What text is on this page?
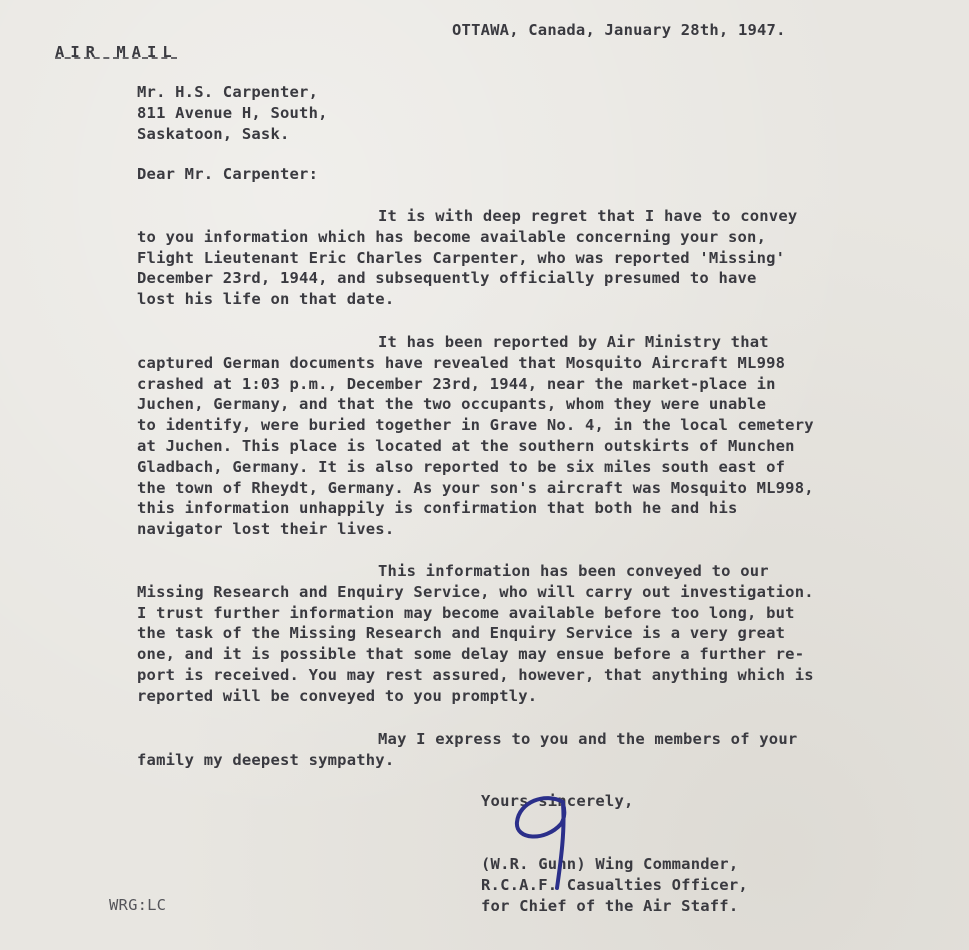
OTTAWA, Canada, January 28th, 1947.
AIR MAIL
Mr. H.S. Carpenter,
811 Avenue H, South,
Saskatoon, Sask.
Dear Mr. Carpenter:
It is with deep regret that I have to convey
to you information which has become available concerning your son,
Flight Lieutenant Eric Charles Carpenter, who was reported 'Missing'
December 23rd, 1944, and subsequently officially presumed to have
lost his life on that date.
It has been reported by Air Ministry that
captured German documents have revealed that Mosquito Aircraft ML998
crashed at 1:03 p.m., December 23rd, 1944, near the market-place in
Juchen, Germany, and that the two occupants, whom they were unable
to identify, were buried together in Grave No. 4, in the local cemetery
at Juchen. This place is located at the southern outskirts of Munchen
Gladbach, Germany. It is also reported to be six miles south east of
the town of Rheydt, Germany. As your son's aircraft was Mosquito ML998,
this information unhappily is confirmation that both he and his
navigator lost their lives.
This information has been conveyed to our
Missing Research and Enquiry Service, who will carry out investigation.
I trust further information may become available before too long, but
the task of the Missing Research and Enquiry Service is a very great
one, and it is possible that some delay may ensue before a further re-
port is received. You may rest assured, however, that anything which is
reported will be conveyed to you promptly.
May I express to you and the members of your
family my deepest sympathy.
Yours sincerely,
(W.R. Gunn) Wing Commander,
R.C.A.F. Casualties Officer,
for Chief of the Air Staff.
WRG:LC
